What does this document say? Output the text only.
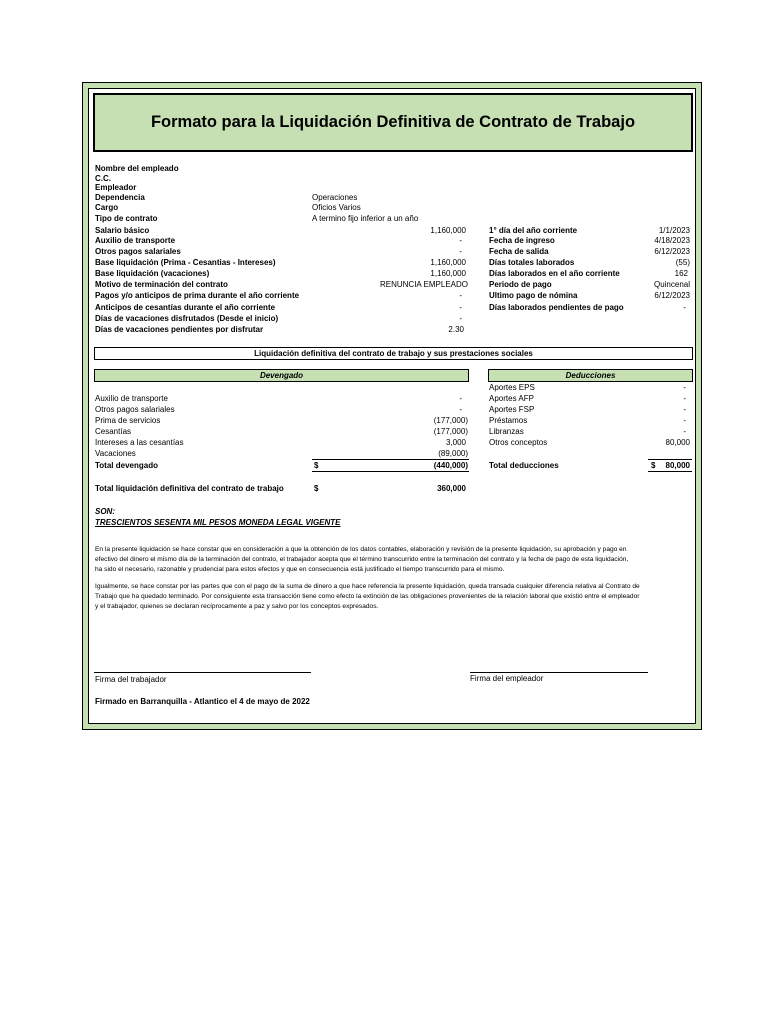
Formato para la Liquidación Definitiva de Contrato de Trabajo
Nombre del empleado
C.C.
Empleador
Dependencia	Operaciones
Cargo	Oficios Varios
Tipo de contrato	A termino fijo inferior a un año
Salario básico	1,160,000
Auxilio de transporte	-
Otros pagos salariales	-
Base liquidación (Prima - Cesantias - Intereses)	1,160,000
Base liquidación (vacaciones)	1,160,000
Motivo de terminación del contrato	RENUNCIA EMPLEADO
Pagos y/o anticipos de prima durante el año corriente	-
Anticipos de cesantías durante el año corriente	-
Días de vacaciones disfrutados (Desde el inicio)	-
Días de vacaciones pendientes por disfrutar	2.30
1° día del año corriente	1/1/2023
Fecha de ingreso	4/18/2023
Fecha de salida	6/12/2023
Días totales laborados	(55)
Días laborados en el año corriente	162
Periodo de pago	Quincenal
Ultimo pago de nómina	6/12/2023
Días laborados pendientes de pago	-
Liquidación definitiva del contrato de trabajo y sus prestaciones sociales
Devengado	Deducciones
Auxilio de transporte	-
Otros pagos salariales	-
Prima de servicios	(177,000)
Cesantías	(177,000)
Intereses a las cesantías	3,000
Vacaciones	(89,000)
Total devengado	$	(440,000)
Aportes EPS	-
Aportes AFP	-
Aportes FSP	-
Préstamos	-
Libranzas	-
Otros conceptos	80,000
Total deducciones	$	80,000
Total liquidación definitiva del contrato de trabajo	$	360,000
SON:
TRESCIENTOS SESENTA MIL PESOS MONEDA LEGAL VIGENTE
En la presente liquidación se hace constar que en consideración a que la obtención de los datos contables, elaboración y revisión de la presente liquidación, su aprobación y pago en
efectivo del dinero el mismo día de la terminación del contrato, el trabajador acepta que el término transcurrido entre la terminación del contrato y la fecha de pago de esta liquidación,
ha sido el necesario, razonable y prudencial para estos efectos y que en consecuencia está justificado el tiempo transcurrido para el mismo.
Igualmente, se hace constar por las partes que con el pago de la suma de dinero a que hace referencia la presente liquidación, queda transada cualquier diferencia relativa al Contrato de
Trabajo que ha quedado terminado. Por consiguiente esta transacción tiene como efecto la extinción de las obligaciones provenientes de la relación laboral que existió entre el empleador
y el trabajador, quienes se declaran recíprocamente a paz y salvo por los conceptos expresados.
Firma del trabajador	Firma del empleador
Firmado en Barranquilla - Atlantico el 4 de mayo de 2022
